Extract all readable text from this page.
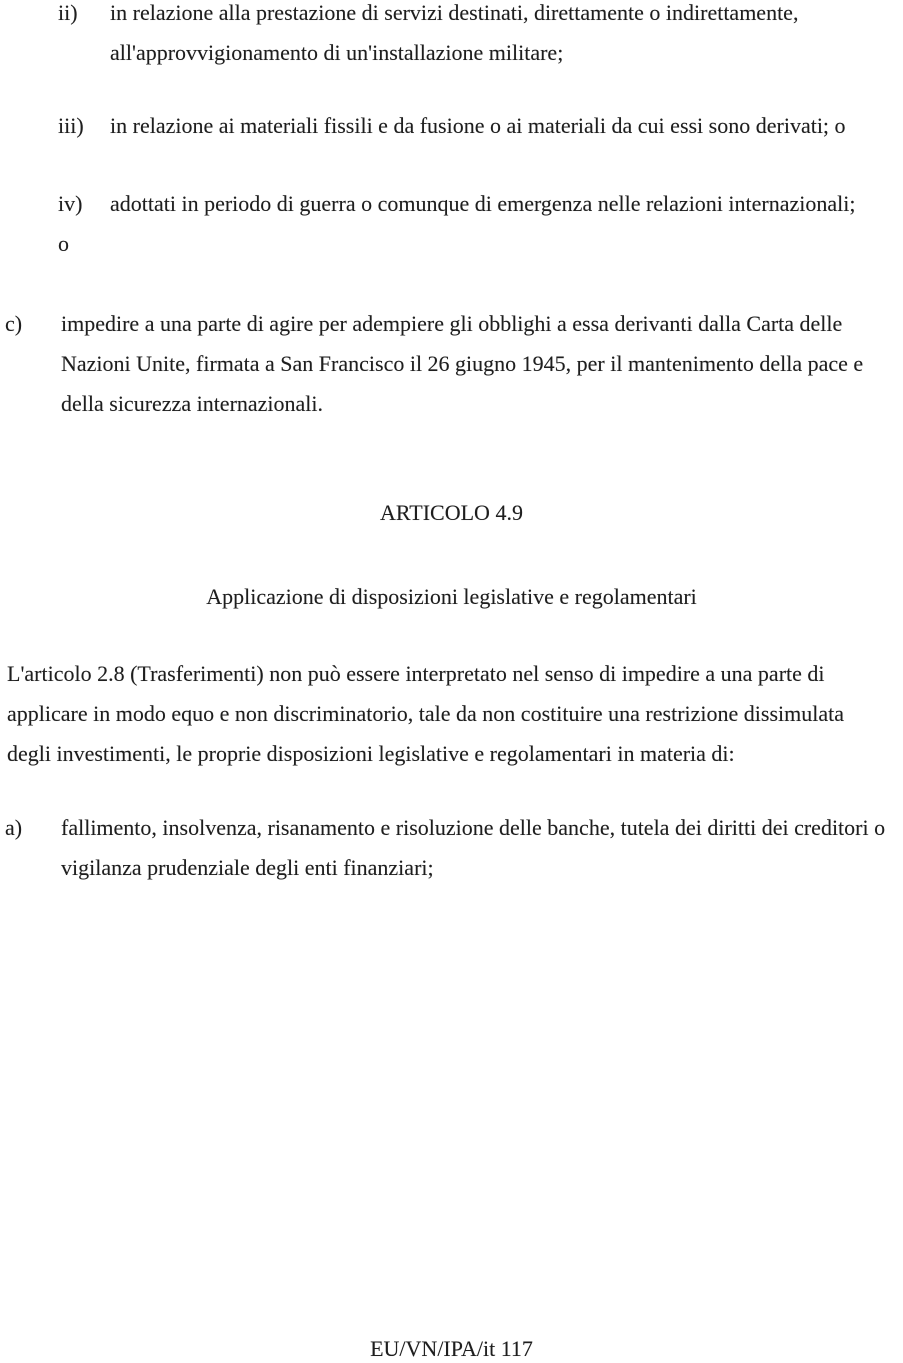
ii)	in relazione alla prestazione di servizi destinati, direttamente o indirettamente,
all'approvvigionamento di un'installazione militare;
iii)	in relazione ai materiali fissili e da fusione o ai materiali da cui essi sono derivati; o
iv)	adottati in periodo di guerra o comunque di emergenza nelle relazioni internazionali;
o
c)	impedire a una parte di agire per adempiere gli obblighi a essa derivanti dalla Carta delle
Nazioni Unite, firmata a San Francisco il 26 giugno 1945, per il mantenimento della pace e
della sicurezza internazionali.
ARTICOLO 4.9
Applicazione di disposizioni legislative e regolamentari
L'articolo 2.8 (Trasferimenti) non può essere interpretato nel senso di impedire a una parte di
applicare in modo equo e non discriminatorio, tale da non costituire una restrizione dissimulata
degli investimenti, le proprie disposizioni legislative e regolamentari in materia di:
a)	fallimento, insolvenza, risanamento e risoluzione delle banche, tutela dei diritti dei creditori o
vigilanza prudenziale degli enti finanziari;
EU/VN/IPA/it 117
